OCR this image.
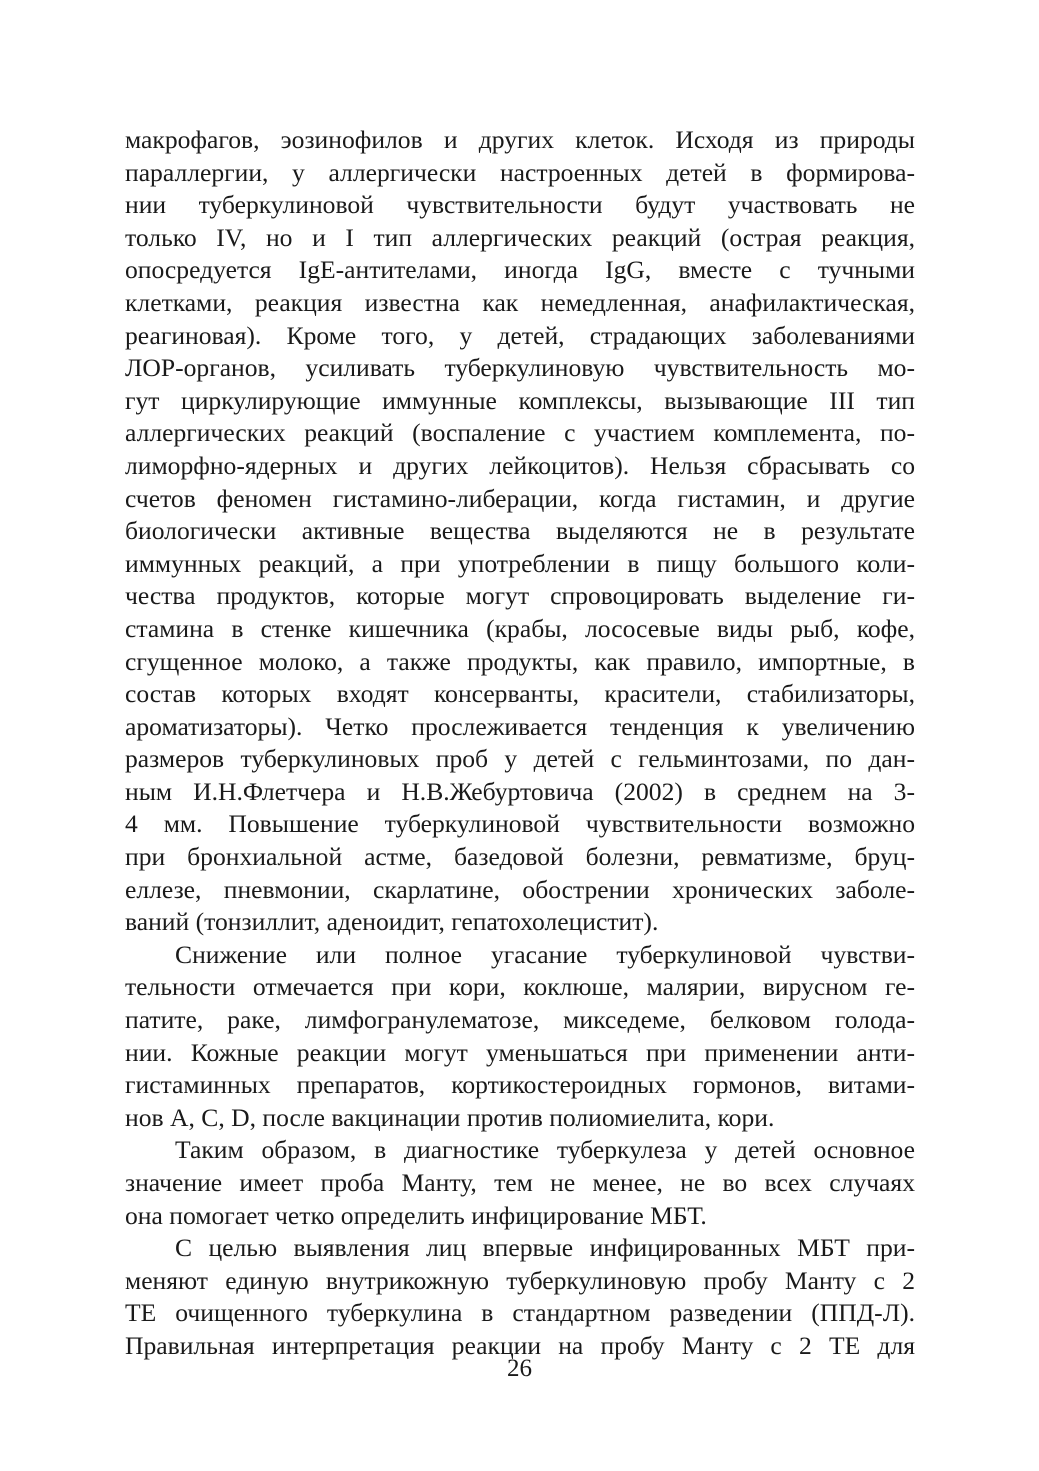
макрофагов, эозинофилов и других клеток. Исходя из природы
параллергии, у аллергически настроенных детей в формирова-
нии туберкулиновой чувствительности будут участвовать не
только IV, но и I тип аллергических реакций (острая реакция,
опосредуется IgE-антителами, иногда IgG, вместе с тучными
клетками, реакция известна как немедленная, анафилактическая,
реагиновая). Кроме того, у детей, страдающих заболеваниями
ЛОР-органов, усиливать туберкулиновую чувствительность мо-
гут циркулирующие иммунные комплексы, вызывающие III тип
аллергических реакций (воспаление с участием комплемента, по-
лиморфно-ядерных и других лейкоцитов). Нельзя сбрасывать со
счетов феномен гистамино-либерации, когда гистамин, и другие
биологически активные вещества выделяются не в результате
иммунных реакций, а при употреблении в пищу большого коли-
чества продуктов, которые могут спровоцировать выделение ги-
стамина в стенке кишечника (крабы, лососевые виды рыб, кофе,
сгущенное молоко, а также продукты, как правило, импортные, в
состав которых входят консерванты, красители, стабилизаторы,
ароматизаторы). Четко прослеживается тенденция к увеличению
размеров туберкулиновых проб у детей с гельминтозами, по дан-
ным И.Н.Флетчера и Н.В.Жебуртовича (2002) в среднем на 3-
4 мм. Повышение туберкулиновой чувствительности возможно
при бронхиальной астме, базедовой болезни, ревматизме, бруц-
еллезе, пневмонии, скарлатине, обострении хронических заболе-
ваний (тонзиллит, аденоидит, гепатохолецистит).
Снижение или полное угасание туберкулиновой чувстви-
тельности отмечается при кори, коклюше, малярии, вирусном ге-
патите, раке, лимфогранулематозе, микседеме, белковом голода-
нии. Кожные реакции могут уменьшаться при применении анти-
гистаминных препаратов, кортикостероидных гормонов, витами-
нов A, C, D, после вакцинации против полиомиелита, кори.
Таким образом, в диагностике туберкулеза у детей основное
значение имеет проба Манту, тем не менее, не во всех случаях
она помогает четко определить инфицирование МБТ.
С целью выявления лиц впервые инфицированных МБТ при-
меняют единую внутрикожную туберкулиновую пробу Манту с 2
ТЕ очищенного туберкулина в стандартном разведении (ППД-Л).
Правильная интерпретация реакции на пробу Манту с 2 ТЕ для
26
